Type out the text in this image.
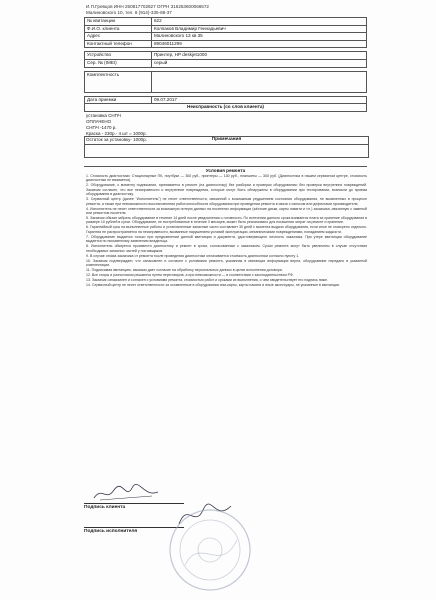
И.П.Гревцов ИНН 250817702827 ОГРН 316253600066572
Малиновского 10, тел. 8 (914)-335-88-37
№ квитанции	622
Ф.И.О. клиента	Колпаков Владимир Геннадьевич
Адрес	Малиновского 13 кв 35
Контактный телефон	89046011299

Устройство	Принтер, HP deskjet1000
Сер. № (IMEI)	серый

Комплектность	

Дата приемки	09.07.2017
Неисправность (со слов клиента)	
установка СНПЧ
ОПЛАЧЕНО
СНПЧ -1470 р.
Краска - 230р.- 4 шт = 1000р.
Остаток за установку- 1000р.	Примечания
Условия ремонта

1. Стоимость диагностики: Стационарные ПК, ноутбуки — 300 руб., принтеры — 100 руб., планшеты — 300 руб. (Диагностика в нашем сервисном центре, стоимость диагностики не взимается).

2. Оборудование, к моменту подписания, принимается в ремонт (на диагностику) без разборки и проверки оборудования; без проверки внутренних повреждений. Заказчик согласен, что все неисправности и внутренние повреждения, которые могут быть обнаружены в оборудовании при тестировании, возникли до приема оборудования в диагностику.

3. Сервисный центр (далее "Исполнитель") не несет ответственности, связанной с возможным ухудшением состояния оборудования, не выявленных в процессе ремонта, а также при невозможности восстановления работоспособности оборудования при проведении ремонта в связи с износом или дефектами производителя.

4. Исполнитель не несет ответственности за возможную потерю данных на носителях информации (жёсткие диски, карты памяти и т.п.) заказчика, связанную с заменой или ремонтом носителя.

5. Заказчик обязан забрать оборудование в течение 14 дней после уведомления о готовности. По истечении данного срока взимается плата за хранение оборудования в размере 10 рублей в сутки. Оборудование, не востребованное в течение 3 месяцев, может быть реализовано для погашения затрат на ремонт и хранение.

6. Гарантийный срок на выполненные работы и установленные запасные части составляет 30 дней с момента выдачи оборудования, если иное не оговорено отдельно. Гарантия не распространяется на неисправности, вызванные нарушением условий эксплуатации, механическими повреждениями, попаданием жидкости.

7. Оборудование выдается только при предъявлении данной квитанции и документа, удостоверяющего личность заказчика. При утере квитанции оборудование выдается по письменному заявлению владельца.

8. Исполнитель обязуется произвести диагностику и ремонт в сроки, согласованные с заказчиком. Сроки ремонта могут быть увеличены в случае отсутствия необходимых запасных частей у поставщиков.

9. В случае отказа заказчика от ремонта после проведения диагностики оплачивается стоимость диагностики согласно пункту 1.

10. Заказчик подтверждает, что ознакомлен и согласен с условиями ремонта, указанная в квитанции информация верна, оборудование передано в указанной комплектации.

11. Подписывая квитанцию, заказчик дает согласие на обработку персональных данных в целях исполнения договора.

12. Все споры и разногласия решаются путем переговоров, а при невозможности — в соответствии с законодательством РФ.

13. Заказчик ознакомлен и согласен с условиями ремонта, стоимостью работ и сроками их выполнения, о чем свидетельствует его подпись ниже.

14. Сервисный центр не несет ответственности за оставленные в оборудовании сим-карты, карты памяти и иные аксессуары, не указанные в квитанции.

Подпись клиента
Подпись исполнителя
